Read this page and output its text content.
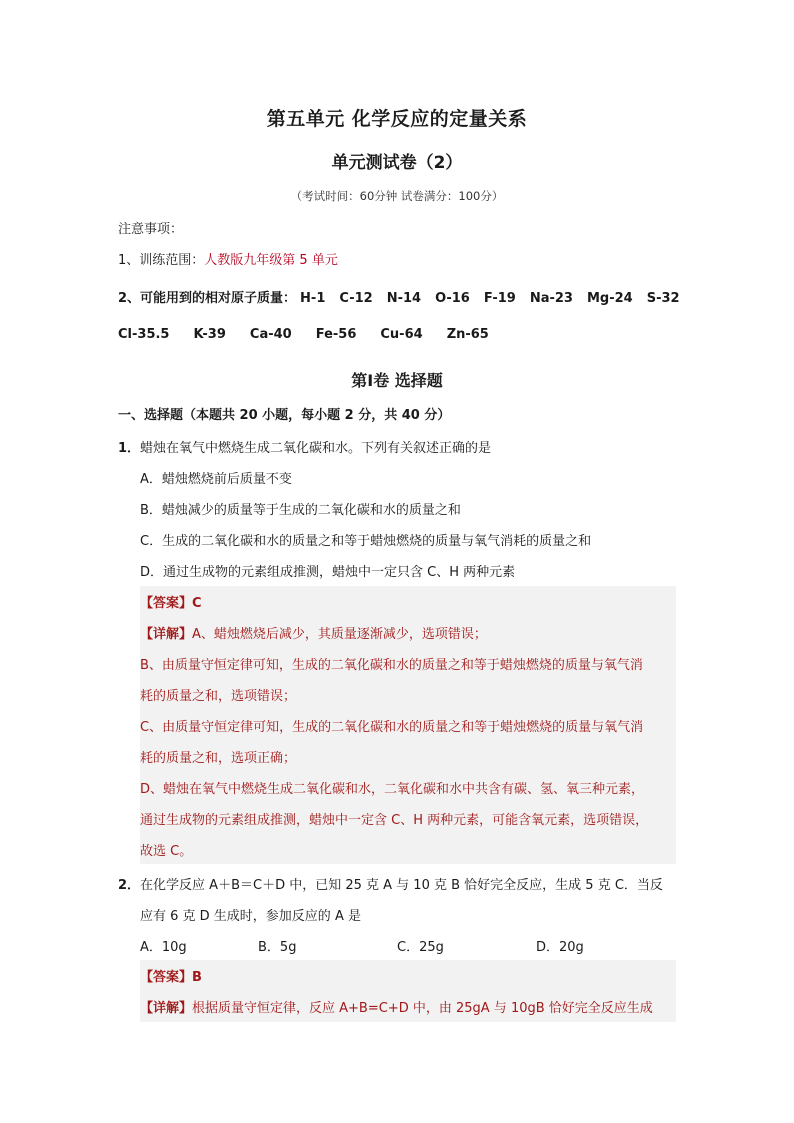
第五单元 化学反应的定量关系
单元测试卷（2）
（考试时间：60分钟 试卷满分：100分）
注意事项：
1、训练范围：人教版九年级第 5 单元
2、可能用到的相对原子质量： H-1 C-12 N-14 O-16 F-19 Na-23 Mg-24 S-32
Cl-35.5 K-39 Ca-40 Fe-56 Cu-64 Zn-65
第Ⅰ卷 选择题
一、选择题（本题共 20 小题，每小题 2 分，共 40 分）
1．蜡烛在氧气中燃烧生成二氧化碳和水。下列有关叙述正确的是
A．蜡烛燃烧前后质量不变
B．蜡烛减少的质量等于生成的二氧化碳和水的质量之和
C．生成的二氧化碳和水的质量之和等于蜡烛燃烧的质量与氧气消耗的质量之和
D．通过生成物的元素组成推测，蜡烛中一定只含 C、H 两种元素
【答案】C
【详解】A、蜡烛燃烧后减少，其质量逐渐减少，选项错误；
B、由质量守恒定律可知，生成的二氧化碳和水的质量之和等于蜡烛燃烧的质量与氧气消
耗的质量之和，选项错误；
C、由质量守恒定律可知，生成的二氧化碳和水的质量之和等于蜡烛燃烧的质量与氧气消
耗的质量之和，选项正确；
D、蜡烛在氧气中燃烧生成二氧化碳和水，二氧化碳和水中共含有碳、氢、氧三种元素，
通过生成物的元素组成推测，蜡烛中一定含 C、H 两种元素，可能含氧元素，选项错误，
故选 C。
2．在化学反应 A＋B＝C＋D 中，已知 25 克 A 与 10 克 B 恰好完全反应，生成 5 克 C．当反
应有 6 克 D 生成时，参加反应的 A 是
A．10g	B．5g	C．25g	D．20g
【答案】B
【详解】根据质量守恒定律，反应 A+B=C+D 中，由 25gA 与 10gB 恰好完全反应生成
